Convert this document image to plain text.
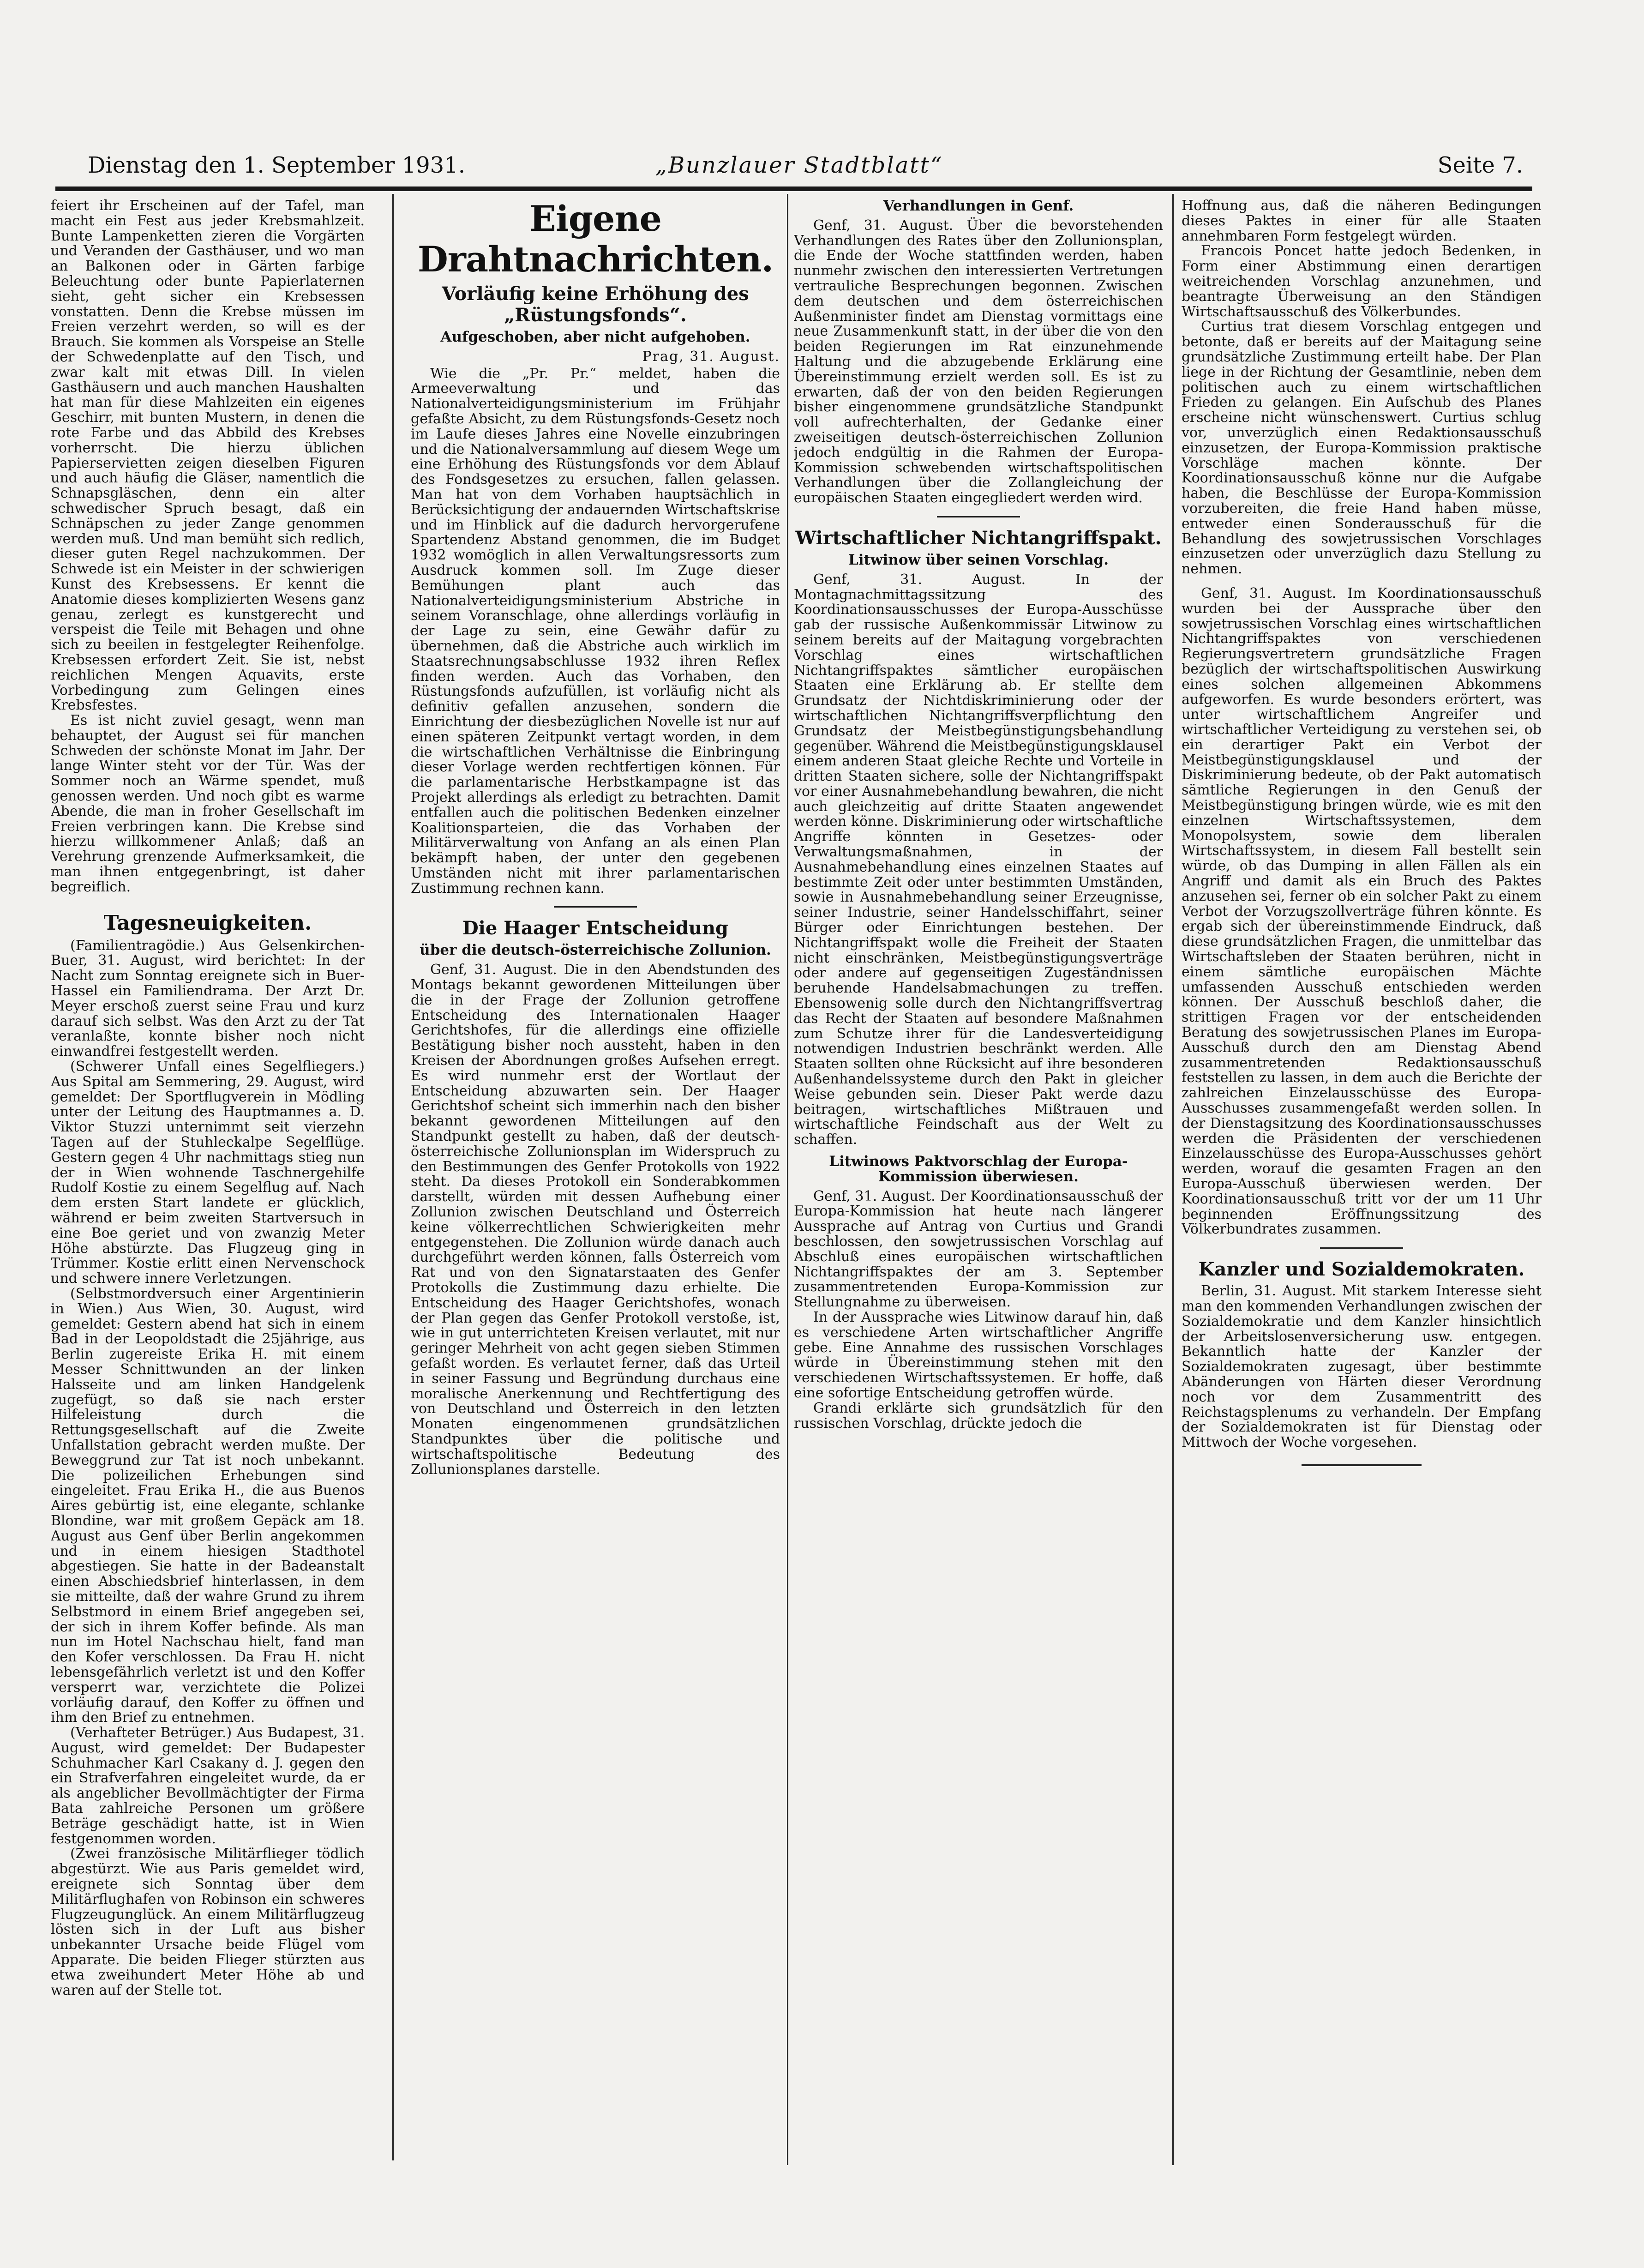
Dienstag den 1. September 1931.	„Bunzlauer Stadtblatt“	Seite 7.

feiert ihr Erscheinen auf der Tafel, man macht ein Fest aus jeder Krebsmahlzeit. Bunte Lampenketten zieren die Vorgärten und Veranden der Gasthäuser, und wo man an Balkonen oder in Gärten farbige Beleuchtung oder bunte Papierlaternen sieht, geht sicher ein Krebsessen vonstatten. Denn die Krebse müssen im Freien verzehrt werden, so will es der Brauch. Sie kommen als Vorspeise an Stelle der Schwedenplatte auf den Tisch, und zwar kalt mit etwas Dill. In vielen Gasthäusern und auch manchen Haushalten hat man für diese Mahlzeiten ein eigenes Geschirr, mit bunten Mustern, in denen die rote Farbe und das Abbild des Krebses vorherrscht. Die hierzu üblichen Papierservietten zeigen dieselben Figuren und auch häufig die Gläser, namentlich die Schnapsgläschen, denn ein alter schwedischer Spruch besagt, daß ein Schnäpschen zu jeder Zange genommen werden muß. Und man bemüht sich redlich, dieser guten Regel nachzukommen. Der Schwede ist ein Meister in der schwierigen Kunst des Krebsessens. Er kennt die Anatomie dieses komplizierten Wesens ganz genau, zerlegt es kunstgerecht und verspeist die Teile mit Behagen und ohne sich zu beeilen in festgelegter Reihenfolge. Krebsessen erfordert Zeit. Sie ist, nebst reichlichen Mengen Aquavits, erste Vorbedingung zum Gelingen eines Krebsfestes.

Es ist nicht zuviel gesagt, wenn man behauptet, der August sei für manchen Schweden der schönste Monat im Jahr. Der lange Winter steht vor der Tür. Was der Sommer noch an Wärme spendet, muß genossen werden. Und noch gibt es warme Abende, die man in froher Gesellschaft im Freien verbringen kann. Die Krebse sind hierzu willkommener Anlaß; daß an Verehrung grenzende Aufmerksamkeit, die man ihnen entgegenbringt, ist daher begreiflich.

Tagesneuigkeiten.

(Familientragödie.) Aus Gelsenkirchen-Buer, 31. August, wird berichtet: In der Nacht zum Sonntag ereignete sich in Buer-Hassel ein Familiendrama. Der Arzt Dr. Meyer erschoß zuerst seine Frau und kurz darauf sich selbst. Was den Arzt zu der Tat veranlaßte, konnte bisher noch nicht einwandfrei festgestellt werden.

(Schwerer Unfall eines Segelfliegers.) Aus Spital am Semmering, 29. August, wird gemeldet: Der Sportflugverein in Mödling unter der Leitung des Hauptmannes a. D. Viktor Stuzzi unternimmt seit vierzehn Tagen auf der Stuhleckalpe Segelflüge. Gestern gegen 4 Uhr nachmittags stieg nun der in Wien wohnende Taschnergehilfe Rudolf Kostie zu einem Segelflug auf. Nach dem ersten Start landete er glücklich, während er beim zweiten Startversuch in eine Boe geriet und von zwanzig Meter Höhe abstürzte. Das Flugzeug ging in Trümmer. Kostie erlitt einen Nervenschock und schwere innere Verletzungen.

(Selbstmordversuch einer Argentinierin in Wien.) Aus Wien, 30. August, wird gemeldet: Gestern abend hat sich in einem Bad in der Leopoldstadt die 25jährige, aus Berlin zugereiste Erika H. mit einem Messer Schnittwunden an der linken Halsseite und am linken Handgelenk zugefügt, so daß sie nach erster Hilfeleistung durch die Rettungsgesellschaft auf die Zweite Unfallstation gebracht werden mußte. Der Beweggrund zur Tat ist noch unbekannt. Die polizeilichen Erhebungen sind eingeleitet. Frau Erika H., die aus Buenos Aires gebürtig ist, eine elegante, schlanke Blondine, war mit großem Gepäck am 18. August aus Genf über Berlin angekommen und in einem hiesigen Stadthotel abgestiegen. Sie hatte in der Badeanstalt einen Abschiedsbrief hinterlassen, in dem sie mitteilte, daß der wahre Grund zu ihrem Selbstmord in einem Brief angegeben sei, der sich in ihrem Koffer befinde. Als man nun im Hotel Nachschau hielt, fand man den Kofer verschlossen. Da Frau H. nicht lebensgefährlich verletzt ist und den Koffer versperrt war, verzichtete die Polizei vorläufig darauf, den Koffer zu öffnen und ihm den Brief zu entnehmen.

(Verhafteter Betrüger.) Aus Budapest, 31. August, wird gemeldet: Der Budapester Schuhmacher Karl Csakany d. J. gegen den ein Strafverfahren eingeleitet wurde, da er als angeblicher Bevollmächtigter der Firma Bata zahlreiche Personen um größere Beträge geschädigt hatte, ist in Wien festgenommen worden.

(Zwei französische Militärflieger tödlich abgestürzt. Wie aus Paris gemeldet wird, ereignete sich Sonntag über dem Militärflughafen von Robinson ein schweres Flugzeugunglück. An einem Militärflugzeug lösten sich in der Luft aus bisher unbekannter Ursache beide Flügel vom Apparate. Die beiden Flieger stürzten aus etwa zweihundert Meter Höhe ab und waren auf der Stelle tot.

Eigene Drahtnachrichten.
Vorläufig keine Erhöhung des „Rüstungsfonds“.
Aufgeschoben, aber nicht aufgehoben.
Prag, 31. August.

Wie die „Pr. Pr.“ meldet, haben die Armeeverwaltung und das Nationalverteidigungsministerium im Frühjahr gefaßte Absicht, zu dem Rüstungsfonds-Gesetz noch im Laufe dieses Jahres eine Novelle einzubringen und die Nationalversammlung auf diesem Wege um eine Erhöhung des Rüstungsfonds vor dem Ablauf des Fondsgesetzes zu ersuchen, fallen gelassen. Man hat von dem Vorhaben hauptsächlich in Berücksichtigung der andauernden Wirtschaftskrise und im Hinblick auf die dadurch hervorgerufene Spartendenz Abstand genommen, die im Budget 1932 womöglich in allen Verwaltungsressorts zum Ausdruck kommen soll. Im Zuge dieser Bemühungen plant auch das Nationalverteidigungsministerium Abstriche in seinem Voranschlage, ohne allerdings vorläufig in der Lage zu sein, eine Gewähr dafür zu übernehmen, daß die Abstriche auch wirklich im Staatsrechnungsabschlusse 1932 ihren Reflex finden werden. Auch das Vorhaben, den Rüstungsfonds aufzufüllen, ist vorläufig nicht als definitiv gefallen anzusehen, sondern die Einrichtung der diesbezüglichen Novelle ist nur auf einen späteren Zeitpunkt vertagt worden, in dem die wirtschaftlichen Verhältnisse die Einbringung dieser Vorlage werden rechtfertigen können. Für die parlamentarische Herbstkampagne ist das Projekt allerdings als erledigt zu betrachten. Damit entfallen auch die politischen Bedenken einzelner Koalitionsparteien, die das Vorhaben der Militärverwaltung von Anfang an als einen Plan bekämpft haben, der unter den gegebenen Umständen nicht mit ihrer parlamentarischen Zustimmung rechnen kann.

Die Haager Entscheidung
über die deutsch-österreichische Zollunion.

Genf, 31. August. Die in den Abendstunden des Montags bekannt gewordenen Mitteilungen über die in der Frage der Zollunion getroffene Entscheidung des Internationalen Haager Gerichtshofes, für die allerdings eine offizielle Bestätigung bisher noch aussteht, haben in den Kreisen der Abordnungen großes Aufsehen erregt. Es wird nunmehr erst der Wortlaut der Entscheidung abzuwarten sein. Der Haager Gerichtshof scheint sich immerhin nach den bisher bekannt gewordenen Mitteilungen auf den Standpunkt gestellt zu haben, daß der deutsch-österreichische Zollunionsplan im Widerspruch zu den Bestimmungen des Genfer Protokolls von 1922 steht. Da dieses Protokoll ein Sonderabkommen darstellt, würden mit dessen Aufhebung einer Zollunion zwischen Deutschland und Österreich keine völkerrechtlichen Schwierigkeiten mehr entgegenstehen. Die Zollunion würde danach auch durchgeführt werden können, falls Österreich vom Rat und von den Signatarstaaten des Genfer Protokolls die Zustimmung dazu erhielte. Die Entscheidung des Haager Gerichtshofes, wonach der Plan gegen das Genfer Protokoll verstoße, ist, wie in gut unterrichteten Kreisen verlautet, mit nur geringer Mehrheit von acht gegen sieben Stimmen gefaßt worden. Es verlautet ferner, daß das Urteil in seiner Fassung und Begründung durchaus eine moralische Anerkennung und Rechtfertigung des von Deutschland und Österreich in den letzten Monaten eingenommenen grundsätzlichen Standpunktes über die politische und wirtschaftspolitische Bedeutung des Zollunionsplanes darstelle.

Verhandlungen in Genf.

Genf, 31. August. Über die bevorstehenden Verhandlungen des Rates über den Zollunionsplan, die Ende der Woche stattfinden werden, haben nunmehr zwischen den interessierten Vertretungen vertrauliche Besprechungen begonnen. Zwischen dem deutschen und dem österreichischen Außenminister findet am Dienstag vormittags eine neue Zusammenkunft statt, in der über die von den beiden Regierungen im Rat einzunehmende Haltung und die abzugebende Erklärung eine Übereinstimmung erzielt werden soll. Es ist zu erwarten, daß der von den beiden Regierungen bisher eingenommene grundsätzliche Standpunkt voll aufrechterhalten, der Gedanke einer zweiseitigen deutsch-österreichischen Zollunion jedoch endgültig in die Rahmen der Europa-Kommission schwebenden wirtschaftspolitischen Verhandlungen über die Zollangleichung der europäischen Staaten eingegliedert werden wird.

Wirtschaftlicher Nichtangriffspakt.
Litwinow über seinen Vorschlag.

Genf, 31. August. In der Montagnachmittagssitzung des Koordinationsausschusses der Europa-Ausschüsse gab der russische Außenkommissär Litwinow zu seinem bereits auf der Maitagung vorgebrachten Vorschlag eines wirtschaftlichen Nichtangriffspaktes sämtlicher europäischen Staaten eine Erklärung ab. Er stellte dem Grundsatz der Nichtdiskriminierung oder der wirtschaftlichen Nichtangriffsverpflichtung den Grundsatz der Meistbegünstigungsbehandlung gegenüber. Während die Meistbegünstigungsklausel einem anderen Staat gleiche Rechte und Vorteile in dritten Staaten sichere, solle der Nichtangriffspakt vor einer Ausnahmebehandlung bewahren, die nicht auch gleichzeitig auf dritte Staaten angewendet werden könne. Diskriminierung oder wirtschaftliche Angriffe könnten in Gesetzes- oder Verwaltungsmaßnahmen, in der Ausnahmebehandlung eines einzelnen Staates auf bestimmte Zeit oder unter bestimmten Umständen, sowie in Ausnahmebehandlung seiner Erzeugnisse, seiner Industrie, seiner Handelsschiffahrt, seiner Bürger oder Einrichtungen bestehen. Der Nichtangriffspakt wolle die Freiheit der Staaten nicht einschränken, Meistbegünstigungsverträge oder andere auf gegenseitigen Zugeständnissen beruhende Handelsabmachungen zu treffen. Ebensowenig solle durch den Nichtangriffsvertrag das Recht der Staaten auf besondere Maßnahmen zum Schutze ihrer für die Landesverteidigung notwendigen Industrien beschränkt werden. Alle Staaten sollten ohne Rücksicht auf ihre besonderen Außenhandelssysteme durch den Pakt in gleicher Weise gebunden sein. Dieser Pakt werde dazu beitragen, wirtschaftliches Mißtrauen und wirtschaftliche Feindschaft aus der Welt zu schaffen.

Litwinows Paktvorschlag der Europa-Kommission überwiesen.

Genf, 31. August. Der Koordinationsausschuß der Europa-Kommission hat heute nach längerer Aussprache auf Antrag von Curtius und Grandi beschlossen, den sowjetrussischen Vorschlag auf Abschluß eines europäischen wirtschaftlichen Nichtangriffspaktes der am 3. September zusammentretenden Europa-Kommission zur Stellungnahme zu überweisen.

In der Aussprache wies Litwinow darauf hin, daß es verschiedene Arten wirtschaftlicher Angriffe gebe. Eine Annahme des russischen Vorschlages würde in Übereinstimmung stehen mit den verschiedenen Wirtschaftssystemen. Er hoffe, daß eine sofortige Entscheidung getroffen würde.

Grandi erklärte sich grundsätzlich für den russischen Vorschlag, drückte jedoch die

Hoffnung aus, daß die näheren Bedingungen dieses Paktes in einer für alle Staaten annehmbaren Form festgelegt würden.

Francois Poncet hatte jedoch Bedenken, in Form einer Abstimmung einen derartigen weitreichenden Vorschlag anzunehmen, und beantragte Überweisung an den Ständigen Wirtschaftsausschuß des Völkerbundes.

Curtius trat diesem Vorschlag entgegen und betonte, daß er bereits auf der Maitagung seine grundsätzliche Zustimmung erteilt habe. Der Plan liege in der Richtung der Gesamtlinie, neben dem politischen auch zu einem wirtschaftlichen Frieden zu gelangen. Ein Aufschub des Planes erscheine nicht wünschenswert. Curtius schlug vor, unverzüglich einen Redaktionsausschuß einzusetzen, der Europa-Kommission praktische Vorschläge machen könnte. Der Koordinationsausschuß könne nur die Aufgabe haben, die Beschlüsse der Europa-Kommission vorzubereiten, die freie Hand haben müsse, entweder einen Sonderausschuß für die Behandlung des sowjetrussischen Vorschlages einzusetzen oder unverzüglich dazu Stellung zu nehmen.

Genf, 31. August. Im Koordinationsausschuß wurden bei der Aussprache über den sowjetrussischen Vorschlag eines wirtschaftlichen Nichtangriffspaktes von verschiedenen Regierungsvertretern grundsätzliche Fragen bezüglich der wirtschaftspolitischen Auswirkung eines solchen allgemeinen Abkommens aufgeworfen. Es wurde besonders erörtert, was unter wirtschaftlichem Angreifer und wirtschaftlicher Verteidigung zu verstehen sei, ob ein derartiger Pakt ein Verbot der Meistbegünstigungsklausel und der Diskriminierung bedeute, ob der Pakt automatisch sämtliche Regierungen in den Genuß der Meistbegünstigung bringen würde, wie es mit den einzelnen Wirtschaftssystemen, dem Monopolsystem, sowie dem liberalen Wirtschaftssystem, in diesem Fall bestellt sein würde, ob das Dumping in allen Fällen als ein Angriff und damit als ein Bruch des Paktes anzusehen sei, ferner ob ein solcher Pakt zu einem Verbot der Vorzugszollverträge führen könnte. Es ergab sich der übereinstimmende Eindruck, daß diese grundsätzlichen Fragen, die unmittelbar das Wirtschaftsleben der Staaten berühren, nicht in einem sämtliche europäischen Mächte umfassenden Ausschuß entschieden werden können. Der Ausschuß beschloß daher, die strittigen Fragen vor der entscheidenden Beratung des sowjetrussischen Planes im Europa-Ausschuß durch den am Dienstag Abend zusammentretenden Redaktionsausschuß feststellen zu lassen, in dem auch die Berichte der zahlreichen Einzelausschüsse des Europa-Ausschusses zusammengefaßt werden sollen. In der Dienstagsitzung des Koordinationsausschusses werden die Präsidenten der verschiedenen Einzelausschüsse des Europa-Ausschusses gehört werden, worauf die gesamten Fragen an den Europa-Ausschuß überwiesen werden. Der Koordinationsausschuß tritt vor der um 11 Uhr beginnenden Eröffnungssitzung des Völkerbundrates zusammen.

Kanzler und Sozialdemokraten.

Berlin, 31. August. Mit starkem Interesse sieht man den kommenden Verhandlungen zwischen der Sozialdemokratie und dem Kanzler hinsichtlich der Arbeitslosenversicherung usw. entgegen. Bekanntlich hatte der Kanzler der Sozialdemokraten zugesagt, über bestimmte Abänderungen von Härten dieser Verordnung noch vor dem Zusammentritt des Reichstagsplenums zu verhandeln. Der Empfang der Sozialdemokraten ist für Dienstag oder Mittwoch der Woche vorgesehen.
